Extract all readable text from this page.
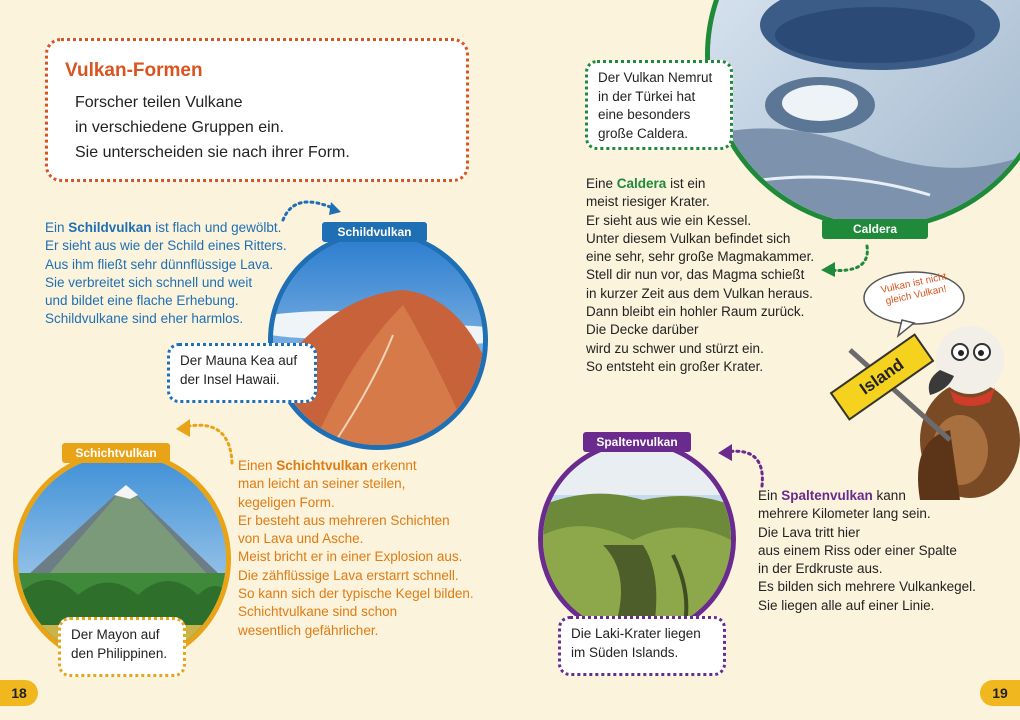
Vulkan-Formen

Forscher teilen Vulkane
in verschiedene Gruppen ein.
Sie unterscheiden sie nach ihrer Form.

Ein Schildvulkan ist flach und gewölbt.
Er sieht aus wie der Schild eines Ritters.
Aus ihm fließt sehr dünnflüssige Lava.
Sie verbreitet sich schnell und weit
und bildet eine flache Erhebung.
Schildvulkane sind eher harmlos.

Schildvulkan
Der Mauna Kea auf
der Insel Hawaii.
Schichtvulkan
Der Mayon auf
den Philippinen.

Einen Schichtvulkan erkennt
man leicht an seiner steilen,
kegeligen Form.
Er besteht aus mehreren Schichten
von Lava und Asche.
Meist bricht er in einer Explosion aus.
Die zähflüssige Lava erstarrt schnell.
So kann sich der typische Kegel bilden.
Schichtvulkane sind schon
wesentlich gefährlicher.

Caldera
Der Vulkan Nemrut
in der Türkei hat
eine besonders
große Caldera.

Eine Caldera ist ein
meist riesiger Krater.
Er sieht aus wie ein Kessel.
Unter diesem Vulkan befindet sich
eine sehr, sehr große Magmakammer.
Stell dir nun vor, das Magma schießt
in kurzer Zeit aus dem Vulkan heraus.
Dann bleibt ein hohler Raum zurück.
Die Decke darüber
wird zu schwer und stürzt ein.
So entsteht ein großer Krater.

Vulkan ist nicht
gleich Vulkan!

Island
Spaltenvulkan

Ein Spaltenvulkan kann
mehrere Kilometer lang sein.
Die Lava tritt hier
aus einem Riss oder einer Spalte
in der Erdkruste aus.
Es bilden sich mehrere Vulkankegel.
Sie liegen alle auf einer Linie.

Die Laki-Krater liegen
im Süden Islands.
18	19
